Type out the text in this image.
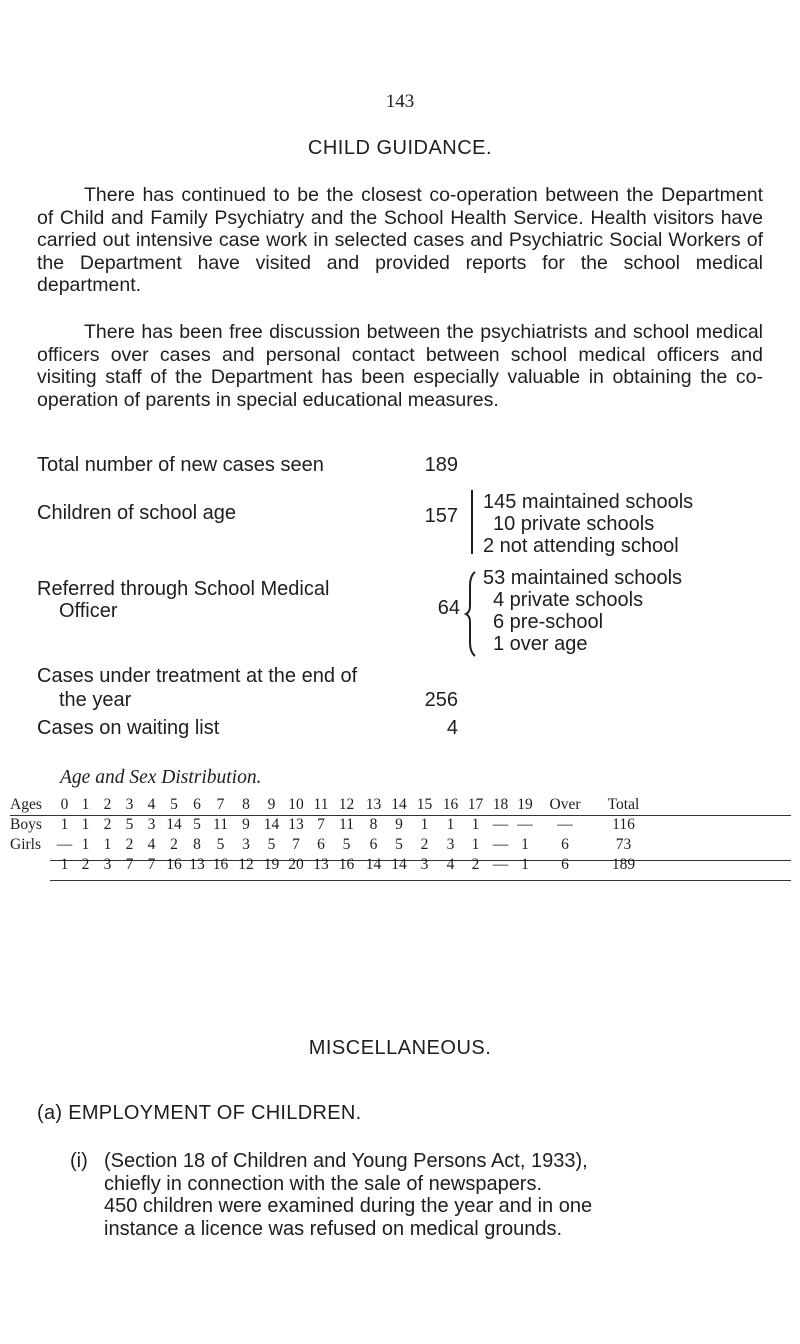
143
CHILD GUIDANCE.
There has continued to be the closest co-operation between the Department of Child and Family Psychiatry and the School Health Service. Health visitors have carried out intensive case work in selected cases and Psychiatric Social Workers of the Department have visited and provided reports for the school medical department.
There has been free discussion between the psychiatrists and school medical officers over cases and personal contact between school medical officers and visiting staff of the Department has been especially valuable in obtaining the co-operation of parents in special educational measures.
Total number of new cases seen	189
Children of school age	157
145 maintained schools
10 private schools
2 not attending school
Referred through School Medical
Officer	64
53 maintained schools
4 private schools
6 pre-school
1 over age
Cases under treatment at the end of
the year	256
Cases on waiting list	4
Age and Sex Distribution.
Ages	0	1	2	3	4	5	6	7	8	9	10	11	12	13	14	15	16	17	18	19	Over	Total
Boys	1	1	2	5	3	14	5	11	9	14	13	7	11	8	9	1	1	1	—	—	—	116
Girls	—	1	1	2	4	2	8	5	3	5	7	6	5	6	5	2	3	1	—	1	6	73
	1	2	3	7	7	16	13	16	12	19	20	13	16	14	14	3	4	2	—	1	6	189
MISCELLANEOUS.
(a) EMPLOYMENT OF CHILDREN.
(i) (Section 18 of Children and Young Persons Act, 1933),
chiefly in connection with the sale of newspapers.
450 children were examined during the year and in one
instance a licence was refused on medical grounds.
